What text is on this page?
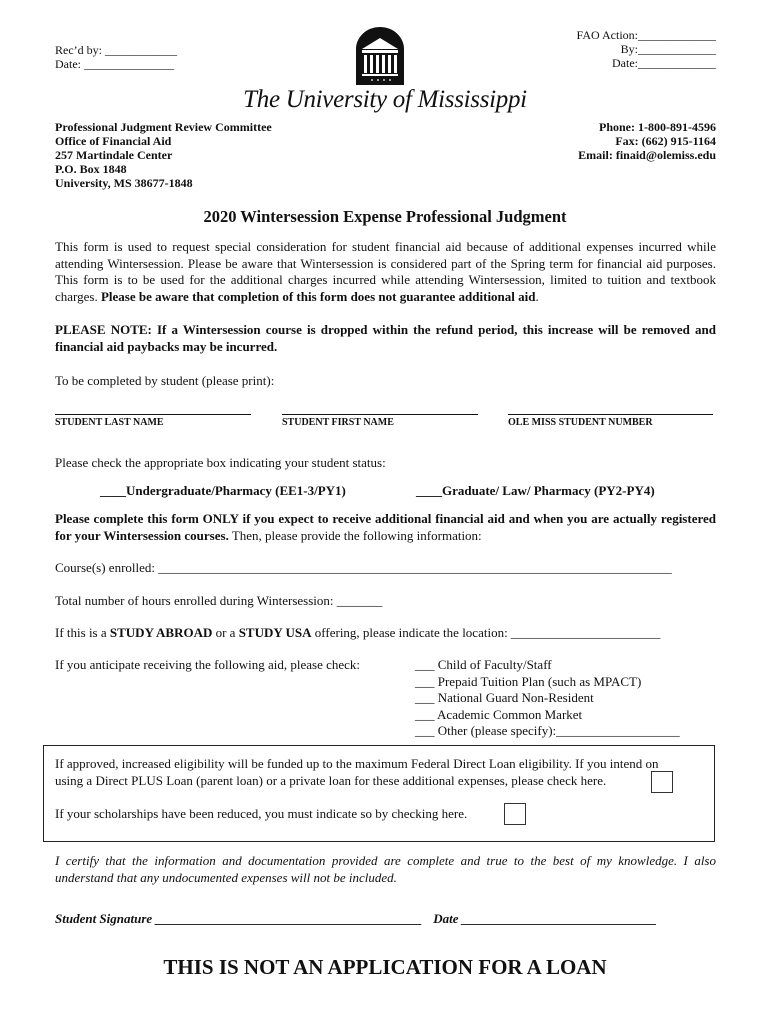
Rec’d by: ____________
Date: _______________
FAO Action:_____________
By:_____________
Date:_____________
The University of Mississippi
Professional Judgment Review Committee
Office of Financial Aid
257 Martindale Center
P.O. Box 1848
University, MS 38677-1848
Phone: 1-800-891-4596
Fax: (662) 915-1164
Email: finaid@olemiss.edu
2020 Wintersession Expense Professional Judgment
This form is used to request special consideration for student financial aid because of additional expenses incurred while attending Wintersession. Please be aware that Wintersession is considered part of the Spring term for financial aid purposes. This form is to be used for the additional charges incurred while attending Wintersession, limited to tuition and textbook charges. Please be aware that completion of this form does not guarantee additional aid.
PLEASE NOTE: If a Wintersession course is dropped within the refund period, this increase will be removed and financial aid paybacks may be incurred.
To be completed by student (please print):
STUDENT LAST NAME	STUDENT FIRST NAME	OLE MISS STUDENT NUMBER
Please check the appropriate box indicating your student status:
____Undergraduate/Pharmacy (EE1-3/PY1)	____Graduate/ Law/ Pharmacy (PY2-PY4)
Please complete this form ONLY if you expect to receive additional financial aid and when you are actually registered for your Wintersession courses. Then, please provide the following information:
Course(s) enrolled: _______________________________________________________________________________
Total number of hours enrolled during Wintersession: _______
If this is a STUDY ABROAD or a STUDY USA offering, please indicate the location: _______________________
If you anticipate receiving the following aid, please check:	___ Child of Faculty/Staff
___ Prepaid Tuition Plan (such as MPACT)
___ National Guard Non-Resident
___ Academic Common Market
___ Other (please specify):___________________
If approved, increased eligibility will be funded up to the maximum Federal Direct Loan eligibility. If you intend on
using a Direct PLUS Loan (parent loan) or a private loan for these additional expenses, please check here.
If your scholarships have been reduced, you must indicate so by checking here.
I certify that the information and documentation provided are complete and true to the best of my knowledge. I also understand that any undocumented expenses will not be included.
Student Signature _________________________________________ Date ______________________________
THIS IS NOT AN APPLICATION FOR A LOAN
